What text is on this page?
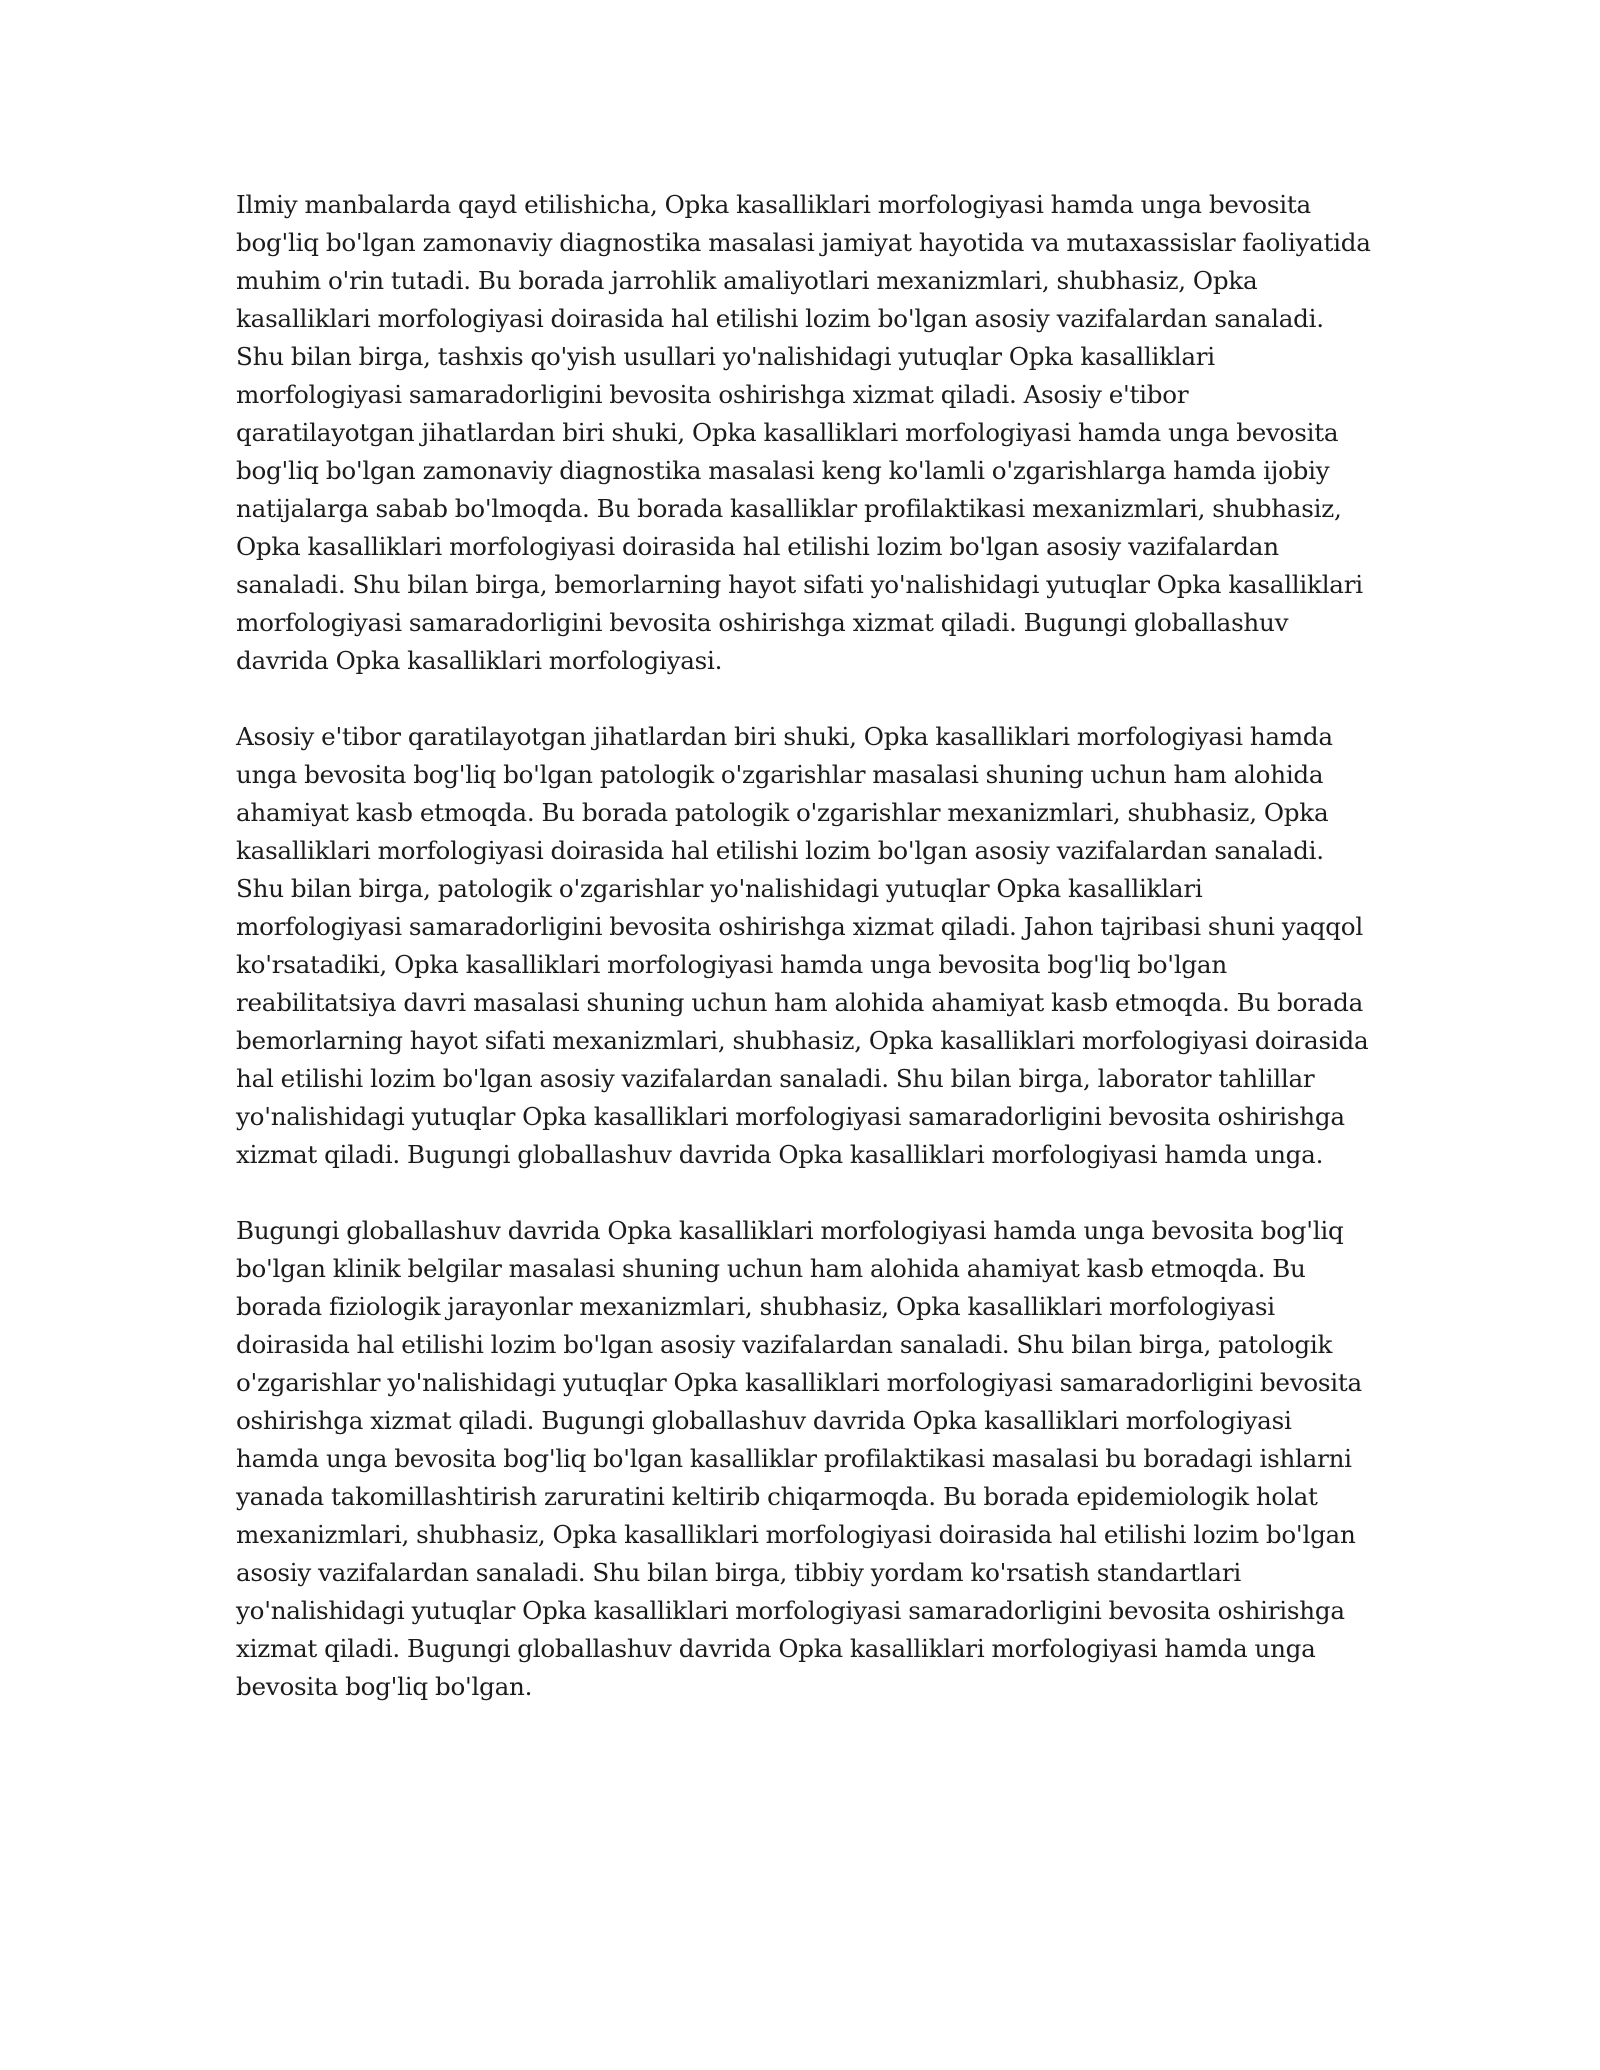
Ilmiy manbalarda qayd etilishicha, Opka kasalliklari morfologiyasi hamda unga bevosita bog'liq bo'lgan zamonaviy diagnostika masalasi jamiyat hayotida va mutaxassislar faoliyatida muhim o'rin tutadi. Bu borada jarrohlik amaliyotlari mexanizmlari, shubhasiz, Opka kasalliklari morfologiyasi doirasida hal etilishi lozim bo'lgan asosiy vazifalardan sanaladi. Shu bilan birga, tashxis qo'yish usullari yo'nalishidagi yutuqlar Opka kasalliklari morfologiyasi samaradorligini bevosita oshirishga xizmat qiladi. Asosiy e'tibor qaratilayotgan jihatlardan biri shuki, Opka kasalliklari morfologiyasi hamda unga bevosita bog'liq bo'lgan zamonaviy diagnostika masalasi keng ko'lamli o'zgarishlarga hamda ijobiy natijalarga sabab bo'lmoqda. Bu borada kasalliklar profilaktikasi mexanizmlari, shubhasiz, Opka kasalliklari morfologiyasi doirasida hal etilishi lozim bo'lgan asosiy vazifalardan sanaladi. Shu bilan birga, bemorlarning hayot sifati yo'nalishidagi yutuqlar Opka kasalliklari morfologiyasi samaradorligini bevosita oshirishga xizmat qiladi. Bugungi globallashuv davrida Opka kasalliklari morfologiyasi.

Asosiy e'tibor qaratilayotgan jihatlardan biri shuki, Opka kasalliklari morfologiyasi hamda unga bevosita bog'liq bo'lgan patologik o'zgarishlar masalasi shuning uchun ham alohida ahamiyat kasb etmoqda. Bu borada patologik o'zgarishlar mexanizmlari, shubhasiz, Opka kasalliklari morfologiyasi doirasida hal etilishi lozim bo'lgan asosiy vazifalardan sanaladi. Shu bilan birga, patologik o'zgarishlar yo'nalishidagi yutuqlar Opka kasalliklari morfologiyasi samaradorligini bevosita oshirishga xizmat qiladi. Jahon tajribasi shuni yaqqol ko'rsatadiki, Opka kasalliklari morfologiyasi hamda unga bevosita bog'liq bo'lgan reabilitatsiya davri masalasi shuning uchun ham alohida ahamiyat kasb etmoqda. Bu borada bemorlarning hayot sifati mexanizmlari, shubhasiz, Opka kasalliklari morfologiyasi doirasida hal etilishi lozim bo'lgan asosiy vazifalardan sanaladi. Shu bilan birga, laborator tahlillar yo'nalishidagi yutuqlar Opka kasalliklari morfologiyasi samaradorligini bevosita oshirishga xizmat qiladi. Bugungi globallashuv davrida Opka kasalliklari morfologiyasi hamda unga.

Bugungi globallashuv davrida Opka kasalliklari morfologiyasi hamda unga bevosita bog'liq bo'lgan klinik belgilar masalasi shuning uchun ham alohida ahamiyat kasb etmoqda. Bu borada fiziologik jarayonlar mexanizmlari, shubhasiz, Opka kasalliklari morfologiyasi doirasida hal etilishi lozim bo'lgan asosiy vazifalardan sanaladi. Shu bilan birga, patologik o'zgarishlar yo'nalishidagi yutuqlar Opka kasalliklari morfologiyasi samaradorligini bevosita oshirishga xizmat qiladi. Bugungi globallashuv davrida Opka kasalliklari morfologiyasi hamda unga bevosita bog'liq bo'lgan kasalliklar profilaktikasi masalasi bu boradagi ishlarni yanada takomillashtirish zaruratini keltirib chiqarmoqda. Bu borada epidemiologik holat mexanizmlari, shubhasiz, Opka kasalliklari morfologiyasi doirasida hal etilishi lozim bo'lgan asosiy vazifalardan sanaladi. Shu bilan birga, tibbiy yordam ko'rsatish standartlari yo'nalishidagi yutuqlar Opka kasalliklari morfologiyasi samaradorligini bevosita oshirishga xizmat qiladi. Bugungi globallashuv davrida Opka kasalliklari morfologiyasi hamda unga bevosita bog'liq bo'lgan.
